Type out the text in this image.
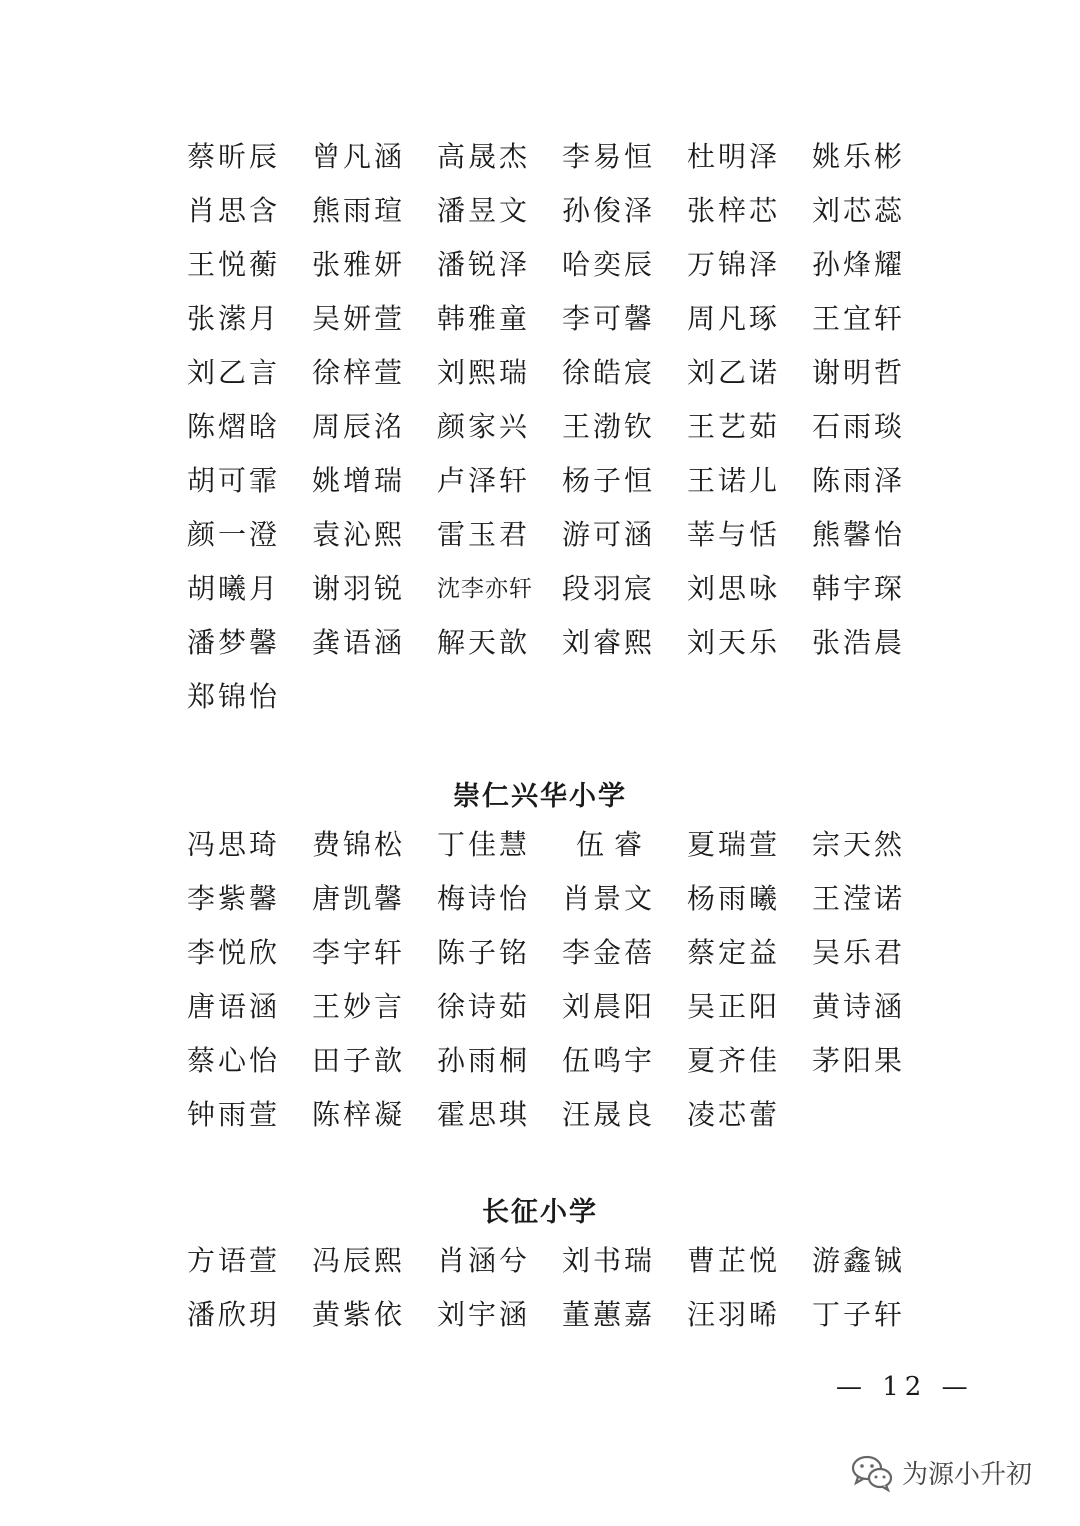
蔡昕辰	曾凡涵	高晟杰	李易恒	杜明泽	姚乐彬
肖思含	熊雨瑄	潘昱文	孙俊泽	张梓芯	刘芯蕊
王悦蘅	张雅妍	潘锐泽	哈奕辰	万锦泽	孙烽耀
张潆月	吴妍萱	韩雅童	李可馨	周凡琢	王宜轩
刘乙言	徐梓萱	刘熙瑞	徐皓宸	刘乙诺	谢明哲
陈熠晗	周辰洺	颜家兴	王渤钦	王艺茹	石雨琰
胡可霏	姚增瑞	卢泽轩	杨子恒	王诺儿	陈雨泽
颜一澄	袁沁熙	雷玉君	游可涵	莘与恬	熊馨怡
胡曦月	谢羽锐	沈李亦轩	段羽宸	刘思咏	韩宇琛
潘梦馨	龚语涵	解天歆	刘睿熙	刘天乐	张浩晨
郑锦怡
崇仁兴华小学
冯思琦	费锦松	丁佳慧	伍睿	夏瑞萱	宗天然
李紫馨	唐凯馨	梅诗怡	肖景文	杨雨曦	王滢诺
李悦欣	李宇轩	陈子铭	李金蓓	蔡定益	吴乐君
唐语涵	王妙言	徐诗茹	刘晨阳	吴正阳	黄诗涵
蔡心怡	田子歆	孙雨桐	伍鸣宇	夏齐佳	茅阳果
钟雨萱	陈梓凝	霍思琪	汪晟良	凌芯蕾
长征小学
方语萱	冯辰熙	肖涵兮	刘书瑞	曹芷悦	游鑫铖
潘欣玥	黄紫依	刘宇涵	董蕙嘉	汪羽晞	丁子轩
— 12 —
为源小升初
